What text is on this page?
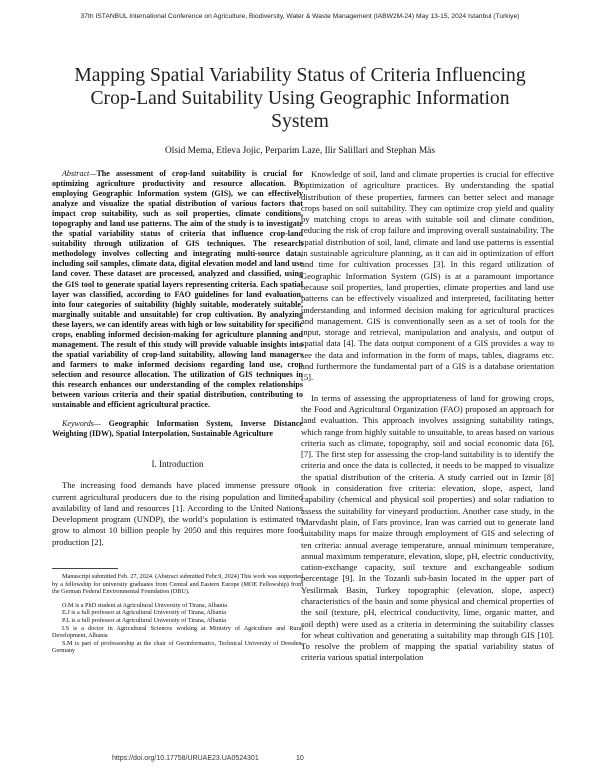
37th ISTANBUL International Conference on Agriculture, Biodiversity, Water & Waste Management (IABW2M-24) May 13-15, 2024 Istanbul (Turkiye)
Mapping Spatial Variability Status of Criteria Influencing Crop-Land Suitability Using Geographic Information System
Olsid Mema, Etleva Jojic, Perparim Laze, Ilir Salillari and Stephan Mäs

Abstract—The assessment of crop-land suitability is crucial for optimizing agriculture productivity and resource allocation. By employing Geographic Information system (GIS), we can effectively analyze and visualize the spatial distribution of various factors that impact crop suitability, such as soil properties, climate conditions, topography and land use patterns. The aim of the study is to investigate the spatial variability status of criteria that influence crop-land suitability through utilization of GIS techniques. The research methodology involves collecting and integrating multi-source data, including soil samples, climate data, digital elevation model and land use land cover. These dataset are processed, analyzed and classified, using the GIS tool to generate spatial layers representing criteria. Each spatial layer was classified, according to FAO guidelines for land evaluation, into four categories of suitability (highly suitable, moderately suitable, marginally suitable and unsuitable) for crop cultivation. By analyzing these layers, we can identify areas with high or low suitability for specific crops, enabling informed decision-making for agriculture planning and management. The result of this study will provide valuable insights into the spatial variability of crop-land suitability, allowing land managers and farmers to make informed decisions regarding land use, crop selection and resource allocation. The utilization of GIS techniques in this research enhances our understanding of the complex relationships between various criteria and their spatial distribution, contributing to sustainable and efficient agricultural practice.

Keywords— Geographic Information System, Inverse Distance Weighting (IDW), Spatial Interpolation, Sustainable Agriculture

I. Introduction

The increasing food demands have placed immense pressure on current agricultural producers due to the rising population and limited availability of land and resources [1]. According to the United Nations Development program (UNDP), the world’s population is estimated to grow to almost 10 billion people by 2050 and this requires more food production [2].

Manuscript submitted Feb. 27, 2024. (Abstract submitted Febr.9, 2024) This work was supported by a fellowship for university graduates from Central and Eastern Europe (MOE Fellowship) from the German Federal Environmental Foundation (DBU).

O.M is a PhD student at Agricultural University of Tirana, Albania

E.J is a full professor at Agricultural University of Tirana, Albania

P.L is a full professor at Agricultural University of Tirana, Albania

I.S is a doctor in Agricultural Sciences working at Ministry of Agriculture and Rural Development, Albania

S.M is part of professorship at the chair of Geoinformatics, Technical University of Dresden, Germany

Knowledge of soil, land and climate properties is crucial for effective optimization of agriculture practices. By understanding the spatial distribution of these properties, farmers can better select and manage crops based on soil suitability. They can optimize crop yield and quality by matching crops to areas with suitable soil and climate condition, reducing the risk of crop failure and improving overall sustainability. The spatial distribution of soil, land, climate and land use patterns is essential in sustainable agriculture planning, as it can aid in optimization of effort and time for cultivation processes [3]. In this regard utilization of Geographic Information System (GIS) is at a paramount importance because soil properties, land properties, climate properties and land use patterns can be effectively visualized and interpreted, facilitating better understanding and informed decision making for agricultural practices and management. GIS is conventionally seen as a set of tools for the input, storage and retrieval, manipulation and analysis, and output of spatial data [4]. The data output component of a GIS provides a way to see the data and information in the form of maps, tables, diagrams etc. and furthermore the fundamental part of a GIS is a database orientation [5].

In terms of assessing the appropriateness of land for growing crops, the Food and Agricultural Organization (FAO) proposed an approach for land evaluation. This approach involves assigning suitability ratings, which range from highly suitable to unsuitable, to areas based on various criteria such as climate, topography, soil and social economic data [6], [7]. The first step for assessing the crop-land suitability is to identify the criteria and once the data is collected, it needs to be mapped to visualize the spatial distribution of the criteria. A study carried out in Izmir [8] took in consideration five criteria: elevation, slope, aspect, land capability (chemical and physical soil properties) and solar radiation to assess the suitability for vineyard production. Another case study, in the Marvdasht plain, of Fars province, Iran was carried out to generate land suitability maps for maize through employment of GIS and selecting of ten criteria: annual average temperature, annual minimum temperature, annual maximum temperature, elevation, slope, pH, electric conductivity, cation-exchange capacity, soil texture and exchangeable sodium percentage [9]. In the Tozanli sub-basin located in the upper part of Yesilirmak Basin, Turkey topographic (elevation, slope, aspect) characteristics of the basin and some physical and chemical properties of the soil (texture, pH, electrical conductivity, lime, organic matter, and soil depth) were used as a criteria in determining the suitability classes for wheat cultivation and generating a suitability map through GIS [10]. To resolve the problem of mapping the spatial variability status of criteria various spatial interpolation

https://doi.org/10.17758/URUAE23.UA0524301	10
